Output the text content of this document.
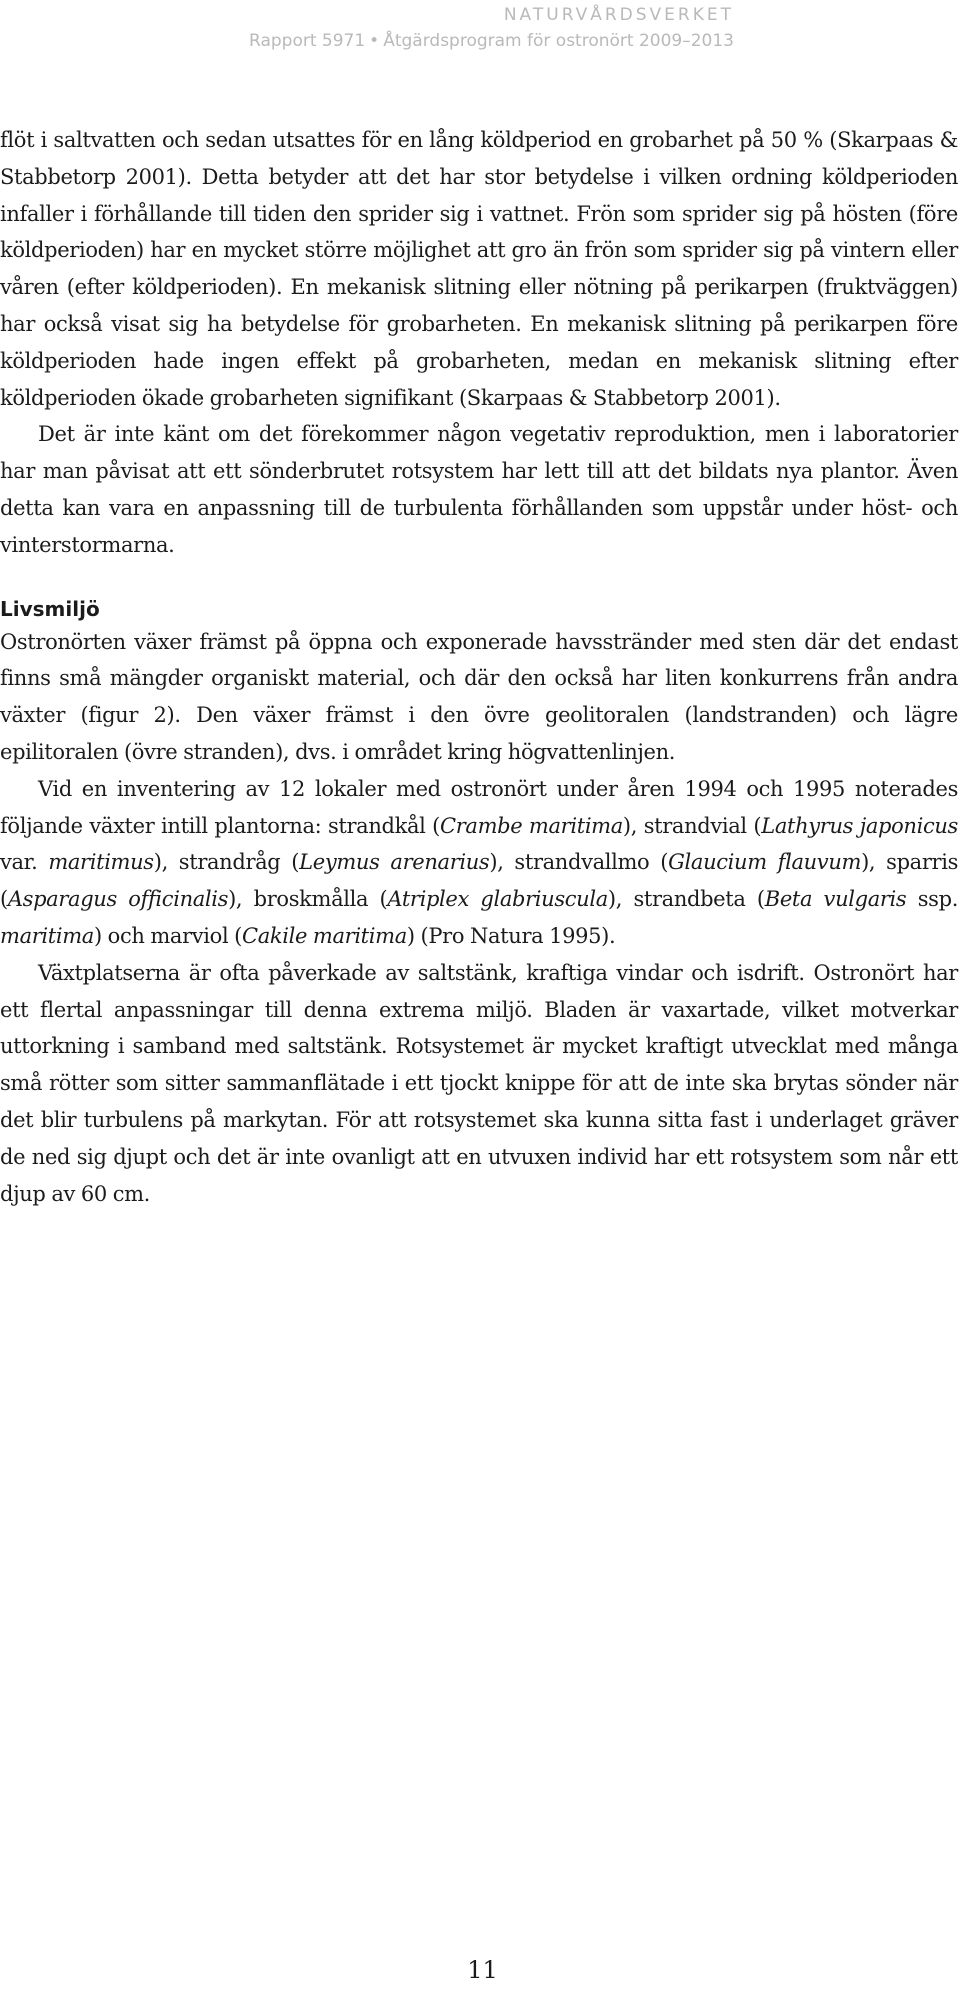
NATURVÅRDSVERKET
Rapport 5971 • Åtgärdsprogram för ostronört 2009–2013

flöt i saltvatten och sedan utsattes för en lång köldperiod en grobarhet på 50 % (Skarpaas & Stabbetorp 2001). Detta betyder att det har stor betydelse i vilken ordning köldperioden infaller i förhållande till tiden den sprider sig i vattnet. Frön som sprider sig på hösten (före köldperioden) har en mycket större möjlighet att gro än frön som sprider sig på vintern eller våren (efter köldperioden). En mekanisk slitning eller nötning på perikarpen (fruktväggen) har också visat sig ha betydelse för grobarheten. En mekanisk slitning på perikarpen före köldperioden hade ingen effekt på grobarheten, medan en mekanisk slitning efter köldperioden ökade grobarheten signifikant (Skarpaas & Stabbetorp 2001).

Det är inte känt om det förekommer någon vegetativ reproduktion, men i laboratorier har man påvisat att ett sönderbrutet rotsystem har lett till att det bildats nya plantor. Även detta kan vara en anpassning till de turbulenta förhållanden som uppstår under höst- och vinterstormarna.

Livsmiljö

Ostronörten växer främst på öppna och exponerade havsstränder med sten där det endast finns små mängder organiskt material, och där den också har liten konkurrens från andra växter (figur 2). Den växer främst i den övre geolitoralen (landstranden) och lägre epilitoralen (övre stranden), dvs. i området kring högvattenlinjen.

Vid en inventering av 12 lokaler med ostronört under åren 1994 och 1995 noterades följande växter intill plantorna: strandkål (Crambe maritima), strandvial (Lathyrus japonicus var. maritimus), strandråg (Leymus arenarius), strandvallmo (Glaucium flauvum), sparris (Asparagus officinalis), broskmålla (Atriplex glabriuscula), strandbeta (Beta vulgaris ssp. maritima) och marviol (Cakile maritima) (Pro Natura 1995).

Växtplatserna är ofta påverkade av saltstänk, kraftiga vindar och isdrift. Ostronört har ett flertal anpassningar till denna extrema miljö. Bladen är vaxartade, vilket motverkar uttorkning i samband med saltstänk. Rotsystemet är mycket kraftigt utvecklat med många små rötter som sitter sammanflätade i ett tjockt knippe för att de inte ska brytas sönder när det blir turbulens på markytan. För att rotsystemet ska kunna sitta fast i underlaget gräver de ned sig djupt och det är inte ovanligt att en utvuxen individ har ett rotsystem som når ett djup av 60 cm.

11
